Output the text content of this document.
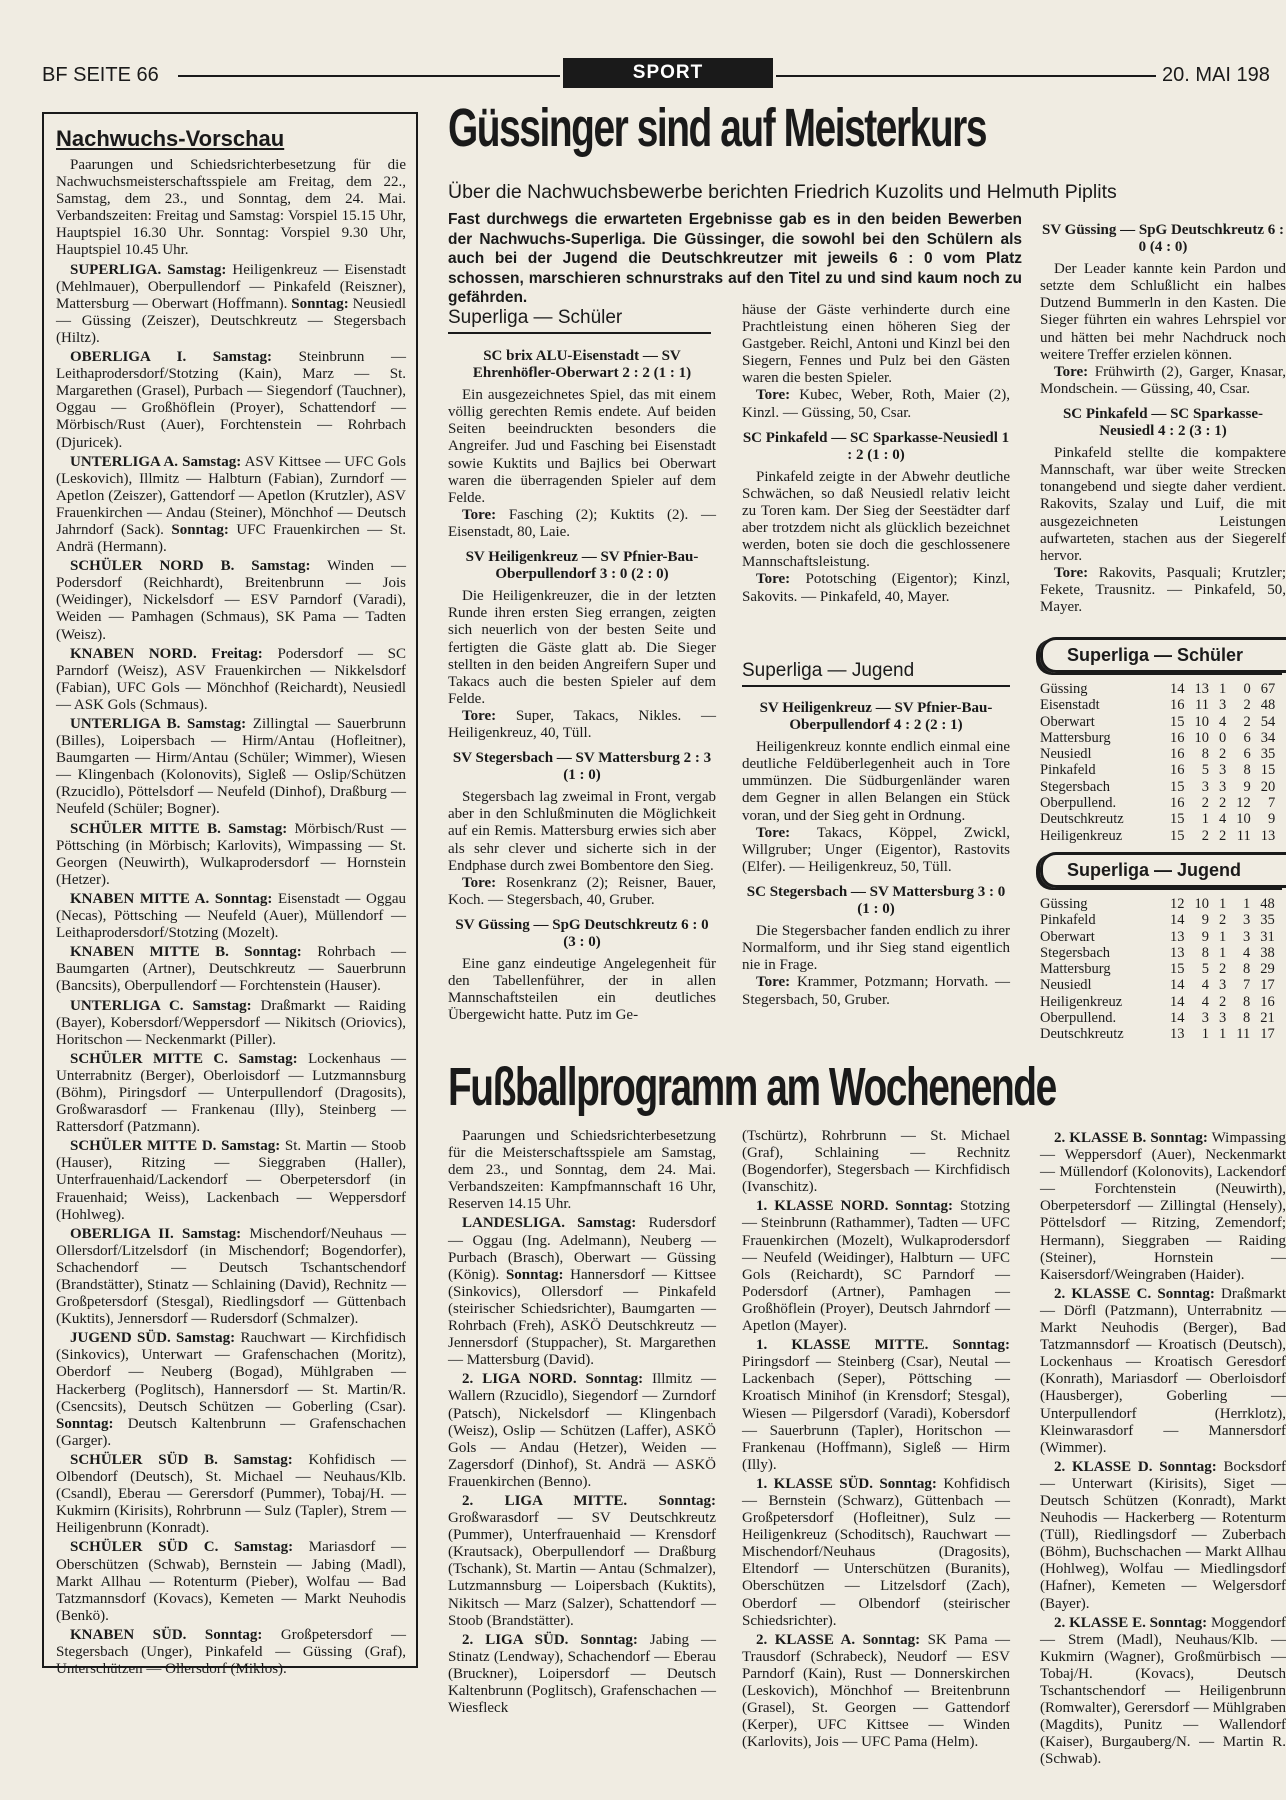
BF SEITE 66	SPORT	20. MAI 198
Nachwuchs-Vorschau

Paarungen und Schiedsrichterbesetzung für die Nachwuchsmeisterschaftsspiele am Freitag, dem 22., Samstag, dem 23., und Sonntag, dem 24. Mai. Verbandszeiten: Freitag und Samstag: Vorspiel 15.15 Uhr, Hauptspiel 16.30 Uhr. Sonntag: Vorspiel 9.30 Uhr, Hauptspiel 10.45 Uhr.

SUPERLIGA. Samstag: Heiligenkreuz — Eisenstadt (Mehlmauer), Oberpullendorf — Pinkafeld (Reiszner), Mattersburg — Oberwart (Hoffmann). Sonntag: Neusiedl — Güssing (Zeiszer), Deutschkreutz — Stegersbach (Hiltz).

OBERLIGA I. Samstag: Steinbrunn — Leithaprodersdorf/Stotzing (Kain), Marz — St. Margarethen (Grasel), Purbach — Siegendorf (Tauchner), Oggau — Großhöflein (Proyer), Schattendorf — Mörbisch/Rust (Auer), Forchtenstein — Rohrbach (Djuricek).

UNTERLIGA A. Samstag: ASV Kittsee — UFC Gols (Leskovich), Illmitz — Halbturn (Fabian), Zurndorf — Apetlon (Zeiszer), Gattendorf — Apetlon (Krutzler), ASV Frauenkirchen — Andau (Steiner), Mönchhof — Deutsch Jahrndorf (Sack). Sonntag: UFC Frauenkirchen — St. Andrä (Hermann).

SCHÜLER NORD B. Samstag: Winden — Podersdorf (Reichhardt), Breitenbrunn — Jois (Weidinger), Nickelsdorf — ESV Parndorf (Varadi), Weiden — Pamhagen (Schmaus), SK Pama — Tadten (Weisz).

KNABEN NORD. Freitag: Podersdorf — SC Parndorf (Weisz), ASV Frauenkirchen — Nikkelsdorf (Fabian), UFC Gols — Mönchhof (Reichardt), Neusiedl — ASK Gols (Schmaus).

UNTERLIGA B. Samstag: Zillingtal — Sauerbrunn (Billes), Loipersbach — Hirm/Antau (Hofleitner), Baumgarten — Hirm/Antau (Schüler; Wimmer), Wiesen — Klingenbach (Kolonovits), Sigleß — Oslip/Schützen (Rzucidlo), Pöttelsdorf — Neufeld (Dinhof), Draßburg — Neufeld (Schüler; Bogner).

SCHÜLER MITTE B. Samstag: Mörbisch/Rust — Pöttsching (in Mörbisch; Karlovits), Wimpassing — St. Georgen (Neuwirth), Wulkaprodersdorf — Hornstein (Hetzer).

KNABEN MITTE A. Sonntag: Eisenstadt — Oggau (Necas), Pöttsching — Neufeld (Auer), Müllendorf — Leithaprodersdorf/Stotzing (Mozelt).

KNABEN MITTE B. Sonntag: Rohrbach — Baumgarten (Artner), Deutschkreutz — Sauerbrunn (Bancsits), Oberpullendorf — Forchtenstein (Hauser).

UNTERLIGA C. Samstag: Draßmarkt — Raiding (Bayer), Kobersdorf/Weppersdorf — Nikitsch (Oriovics), Horitschon — Neckenmarkt (Piller).

SCHÜLER MITTE C. Samstag: Lockenhaus — Unterrabnitz (Berger), Oberloisdorf — Lutzmannsburg (Böhm), Piringsdorf — Unterpullendorf (Dragosits), Großwarasdorf — Frankenau (Illy), Steinberg — Rattersdorf (Patzmann).

SCHÜLER MITTE D. Samstag: St. Martin — Stoob (Hauser), Ritzing — Sieggraben (Haller), Unterfrauenhaid/Lackendorf — Oberpetersdorf (in Frauenhaid; Weiss), Lackenbach — Weppersdorf (Hohlweg).

OBERLIGA II. Samstag: Mischendorf/Neuhaus — Ollersdorf/Litzelsdorf (in Mischendorf; Bogendorfer), Schachendorf — Deutsch Tschantschendorf (Brandstätter), Stinatz — Schlaining (David), Rechnitz — Großpetersdorf (Stesgal), Riedlingsdorf — Güttenbach (Kuktits), Jennersdorf — Rudersdorf (Schmalzer).

JUGEND SÜD. Samstag: Rauchwart — Kirchfidisch (Sinkovics), Unterwart — Grafenschachen (Moritz), Oberdorf — Neuberg (Bogad), Mühlgraben — Hackerberg (Poglitsch), Hannersdorf — St. Martin/R. (Csencsits), Deutsch Schützen — Goberling (Csar). Sonntag: Deutsch Kaltenbrunn — Grafenschachen (Garger).

SCHÜLER SÜD B. Samstag: Kohfidisch — Olbendorf (Deutsch), St. Michael — Neuhaus/Klb. (Csandl), Eberau — Gerersdorf (Pummer), Tobaj/H. — Kukmirn (Kirisits), Rohrbrunn — Sulz (Tapler), Strem — Heiligenbrunn (Konradt).

SCHÜLER SÜD C. Samstag: Mariasdorf — Oberschützen (Schwab), Bernstein — Jabing (Madl), Markt Allhau — Rotenturm (Pieber), Wolfau — Bad Tatzmannsdorf (Kovacs), Kemeten — Markt Neuhodis (Benkö).

KNABEN SÜD. Sonntag: Großpetersdorf — Stegersbach (Unger), Pinkafeld — Güssing (Graf), Unterschützen — Ollersdorf (Miklos).

Güssinger sind auf Meisterkurs
Über die Nachwuchsbewerbe berichten Friedrich Kuzolits und Helmuth Piplits

Fast durchwegs die erwarteten Ergebnisse gab es in den beiden Bewerben der Nachwuchs-Superliga. Die Güssinger, die sowohl bei den Schülern als auch bei der Jugend die Deutschkreutzer mit jeweils 6 : 0 vom Platz schossen, marschieren schnurstraks auf den Titel zu und sind kaum noch zu gefährden.

Superliga — Schüler
SC brix ALU-Eisenstadt — SV Ehrenhöfler-Oberwart 2 : 2 (1 : 1)

Ein ausgezeichnetes Spiel, das mit einem völlig gerechten Remis endete. Auf beiden Seiten beeindruckten besonders die Angreifer. Jud und Fasching bei Eisenstadt sowie Kuktits und Bajlics bei Oberwart waren die überragenden Spieler auf dem Felde.

Tore: Fasching (2); Kuktits (2). — Eisenstadt, 80, Laie.

SV Heiligenkreuz — SV Pfnier-Bau-Oberpullendorf 3 : 0 (2 : 0)

Die Heiligenkreuzer, die in der letzten Runde ihren ersten Sieg errangen, zeigten sich neuerlich von der besten Seite und fertigten die Gäste glatt ab. Die Sieger stellten in den beiden Angreifern Super und Takacs auch die besten Spieler auf dem Felde.

Tore: Super, Takacs, Nikles. — Heiligenkreuz, 40, Tüll.

SV Stegersbach — SV Mattersburg 2 : 3 (1 : 0)

Stegersbach lag zweimal in Front, vergab aber in den Schlußminuten die Möglichkeit auf ein Remis. Mattersburg erwies sich aber als sehr clever und sicherte sich in der Endphase durch zwei Bombentore den Sieg.

Tore: Rosenkranz (2); Reisner, Bauer, Koch. — Stegersbach, 40, Gruber.

SV Güssing — SpG Deutschkreutz 6 : 0 (3 : 0)

Eine ganz eindeutige Angelegenheit für den Tabellenführer, der in allen Mannschaftsteilen ein deutliches Übergewicht hatte. Putz im Ge-

häuse der Gäste verhinderte durch eine Prachtleistung einen höheren Sieg der Gastgeber. Reichl, Antoni und Kinzl bei den Siegern, Fennes und Pulz bei den Gästen waren die besten Spieler.

Tore: Kubec, Weber, Roth, Maier (2), Kinzl. — Güssing, 50, Csar.

SC Pinkafeld — SC Sparkasse-Neusiedl 1 : 2 (1 : 0)

Pinkafeld zeigte in der Abwehr deutliche Schwächen, so daß Neusiedl relativ leicht zu Toren kam. Der Sieg der Seestädter darf aber trotzdem nicht als glücklich bezeichnet werden, boten sie doch die geschlossenere Mannschaftsleistung.

Tore: Pototsching (Eigentor); Kinzl, Sakovits. — Pinkafeld, 40, Mayer.

Superliga — Jugend
SV Heiligenkreuz — SV Pfnier-Bau-Oberpullendorf 4 : 2 (2 : 1)

Heiligenkreuz konnte endlich einmal eine deutliche Feldüberlegenheit auch in Tore ummünzen. Die Südburgenländer waren dem Gegner in allen Belangen ein Stück voran, und der Sieg geht in Ordnung.

Tore: Takacs, Köppel, Zwickl, Willgruber; Unger (Eigentor), Rastovits (Elfer). — Heiligenkreuz, 50, Tüll.

SC Stegersbach — SV Mattersburg 3 : 0 (1 : 0)

Die Stegersbacher fanden endlich zu ihrer Normalform, und ihr Sieg stand eigentlich nie in Frage.

Tore: Krammer, Potzmann; Horvath. — Stegersbach, 50, Gruber.

SV Güssing — SpG Deutschkreutz 6 : 0 (4 : 0)

Der Leader kannte kein Pardon und setzte dem Schlußlicht ein halbes Dutzend Bummerln in den Kasten. Die Sieger führten ein wahres Lehrspiel vor und hätten bei mehr Nachdruck noch weitere Treffer erzielen können.

Tore: Frühwirth (2), Garger, Knasar, Mondschein. — Güssing, 40, Csar.

SC Pinkafeld — SC Sparkasse-Neusiedl 4 : 2 (3 : 1)

Pinkafeld stellte die kompaktere Mannschaft, war über weite Strecken tonangebend und siegte daher verdient. Rakovits, Szalay und Luif, die mit ausgezeichneten Leistungen aufwarteten, stachen aus der Siegerelf hervor.

Tore: Rakovits, Pasquali; Krutzler; Fekete, Trausnitz. — Pinkafeld, 50, Mayer.

Superliga — Schüler
Güssing	14	13	1	0	67
Eisenstadt	16	11	3	2	48
Oberwart	15	10	4	2	54
Mattersburg	16	10	0	6	34
Neusiedl	16	8	2	6	35
Pinkafeld	16	5	3	8	15
Stegersbach	15	3	3	9	20
Oberpullend.	16	2	2	12	7
Deutschkreutz	15	1	4	10	9
Heiligenkreuz	15	2	2	11	13
Superliga — Jugend
Güssing	12	10	1	1	48
Pinkafeld	14	9	2	3	35
Oberwart	13	9	1	3	31
Stegersbach	13	8	1	4	38
Mattersburg	15	5	2	8	29
Neusiedl	14	4	3	7	17
Heiligenkreuz	14	4	2	8	16
Oberpullend.	14	3	3	8	21
Deutschkreutz	13	1	1	11	17
Fußballprogramm am Wochenende

Paarungen und Schiedsrichterbesetzung für die Meisterschaftsspiele am Samstag, dem 23., und Sonntag, dem 24. Mai. Verbandszeiten: Kampfmannschaft 16 Uhr, Reserven 14.15 Uhr.

LANDESLIGA. Samstag: Rudersdorf — Oggau (Ing. Adelmann), Neuberg — Purbach (Brasch), Oberwart — Güssing (König). Sonntag: Hannersdorf — Kittsee (Sinkovics), Ollersdorf — Pinkafeld (steirischer Schiedsrichter), Baumgarten — Rohrbach (Freh), ASKÖ Deutschkreutz — Jennersdorf (Stuppacher), St. Margarethen — Mattersburg (David).

2. LIGA NORD. Sonntag: Illmitz — Wallern (Rzucidlo), Siegendorf — Zurndorf (Patsch), Nickelsdorf — Klingenbach (Weisz), Oslip — Schützen (Laffer), ASKÖ Gols — Andau (Hetzer), Weiden — Zagersdorf (Dinhof), St. Andrä — ASKÖ Frauenkirchen (Benno).

2. LIGA MITTE. Sonntag: Großwarasdorf — SV Deutschkreutz (Pummer), Unterfrauenhaid — Krensdorf (Krautsack), Oberpullendorf — Draßburg (Tschank), St. Martin — Antau (Schmalzer), Lutzmannsburg — Loipersbach (Kuktits), Nikitsch — Marz (Salzer), Schattendorf — Stoob (Brandstätter).

2. LIGA SÜD. Sonntag: Jabing — Stinatz (Lendway), Schachendorf — Eberau (Bruckner), Loipersdorf — Deutsch Kaltenbrunn (Poglitsch), Grafenschachen — Wiesfleck

(Tschürtz), Rohrbrunn — St. Michael (Graf), Schlaining — Rechnitz (Bogendorfer), Stegersbach — Kirchfidisch (Ivanschitz).

1. KLASSE NORD. Sonntag: Stotzing — Steinbrunn (Rathammer), Tadten — UFC Frauenkirchen (Mozelt), Wulkaprodersdorf — Neufeld (Weidinger), Halbturn — UFC Gols (Reichardt), SC Parndorf — Podersdorf (Artner), Pamhagen — Großhöflein (Proyer), Deutsch Jahrndorf — Apetlon (Mayer).

1. KLASSE MITTE. Sonntag: Piringsdorf — Steinberg (Csar), Neutal — Lackenbach (Seper), Pöttsching — Kroatisch Minihof (in Krensdorf; Stesgal), Wiesen — Pilgersdorf (Varadi), Kobersdorf — Sauerbrunn (Tapler), Horitschon — Frankenau (Hoffmann), Sigleß — Hirm (Illy).

1. KLASSE SÜD. Sonntag: Kohfidisch — Bernstein (Schwarz), Güttenbach — Großpetersdorf (Hofleitner), Sulz — Heiligenkreuz (Schoditsch), Rauchwart — Mischendorf/Neuhaus (Dragosits), Eltendorf — Unterschützen (Buranits), Oberschützen — Litzelsdorf (Zach), Oberdorf — Olbendorf (steirischer Schiedsrichter).

2. KLASSE A. Sonntag: SK Pama — Trausdorf (Schrabeck), Neudorf — ESV Parndorf (Kain), Rust — Donnerskirchen (Leskovich), Mönchhof — Breitenbrunn (Grasel), St. Georgen — Gattendorf (Kerper), UFC Kittsee — Winden (Karlovits), Jois — UFC Pama (Helm).

2. KLASSE B. Sonntag: Wimpassing — Weppersdorf (Auer), Neckenmarkt — Müllendorf (Kolonovits), Lackendorf — Forchtenstein (Neuwirth), Oberpetersdorf — Zillingtal (Hensely), Pöttelsdorf — Ritzing, Zemendorf; Hermann), Sieggraben — Raiding (Steiner), Hornstein — Kaisersdorf/Weingraben (Haider).

2. KLASSE C. Sonntag: Draßmarkt — Dörfl (Patzmann), Unterrabnitz — Markt Neuhodis (Berger), Bad Tatzmannsdorf — Kroatisch (Deutsch), Lockenhaus — Kroatisch Geresdorf (Konrath), Mariasdorf — Oberloisdorf (Hausberger), Goberling — Unterpullendorf (Herrklotz), Kleinwarasdorf — Mannersdorf (Wimmer).

2. KLASSE D. Sonntag: Bocksdorf — Unterwart (Kirisits), Siget — Deutsch Schützen (Konradt), Markt Neuhodis — Hackerberg — Rotenturm (Tüll), Riedlingsdorf — Zuberbach (Böhm), Buchschachen — Markt Allhau (Hohlweg), Wolfau — Miedlingsdorf (Hafner), Kemeten — Welgersdorf (Bayer).

2. KLASSE E. Sonntag: Moggendorf — Strem (Madl), Neuhaus/Klb. — Kukmirn (Wagner), Großmürbisch — Tobaj/H. (Kovacs), Deutsch Tschantschendorf — Heiligenbrunn (Romwalter), Gerersdorf — Mühlgraben (Magdits), Punitz — Wallendorf (Kaiser), Burgauberg/N. — Martin R. (Schwab).
